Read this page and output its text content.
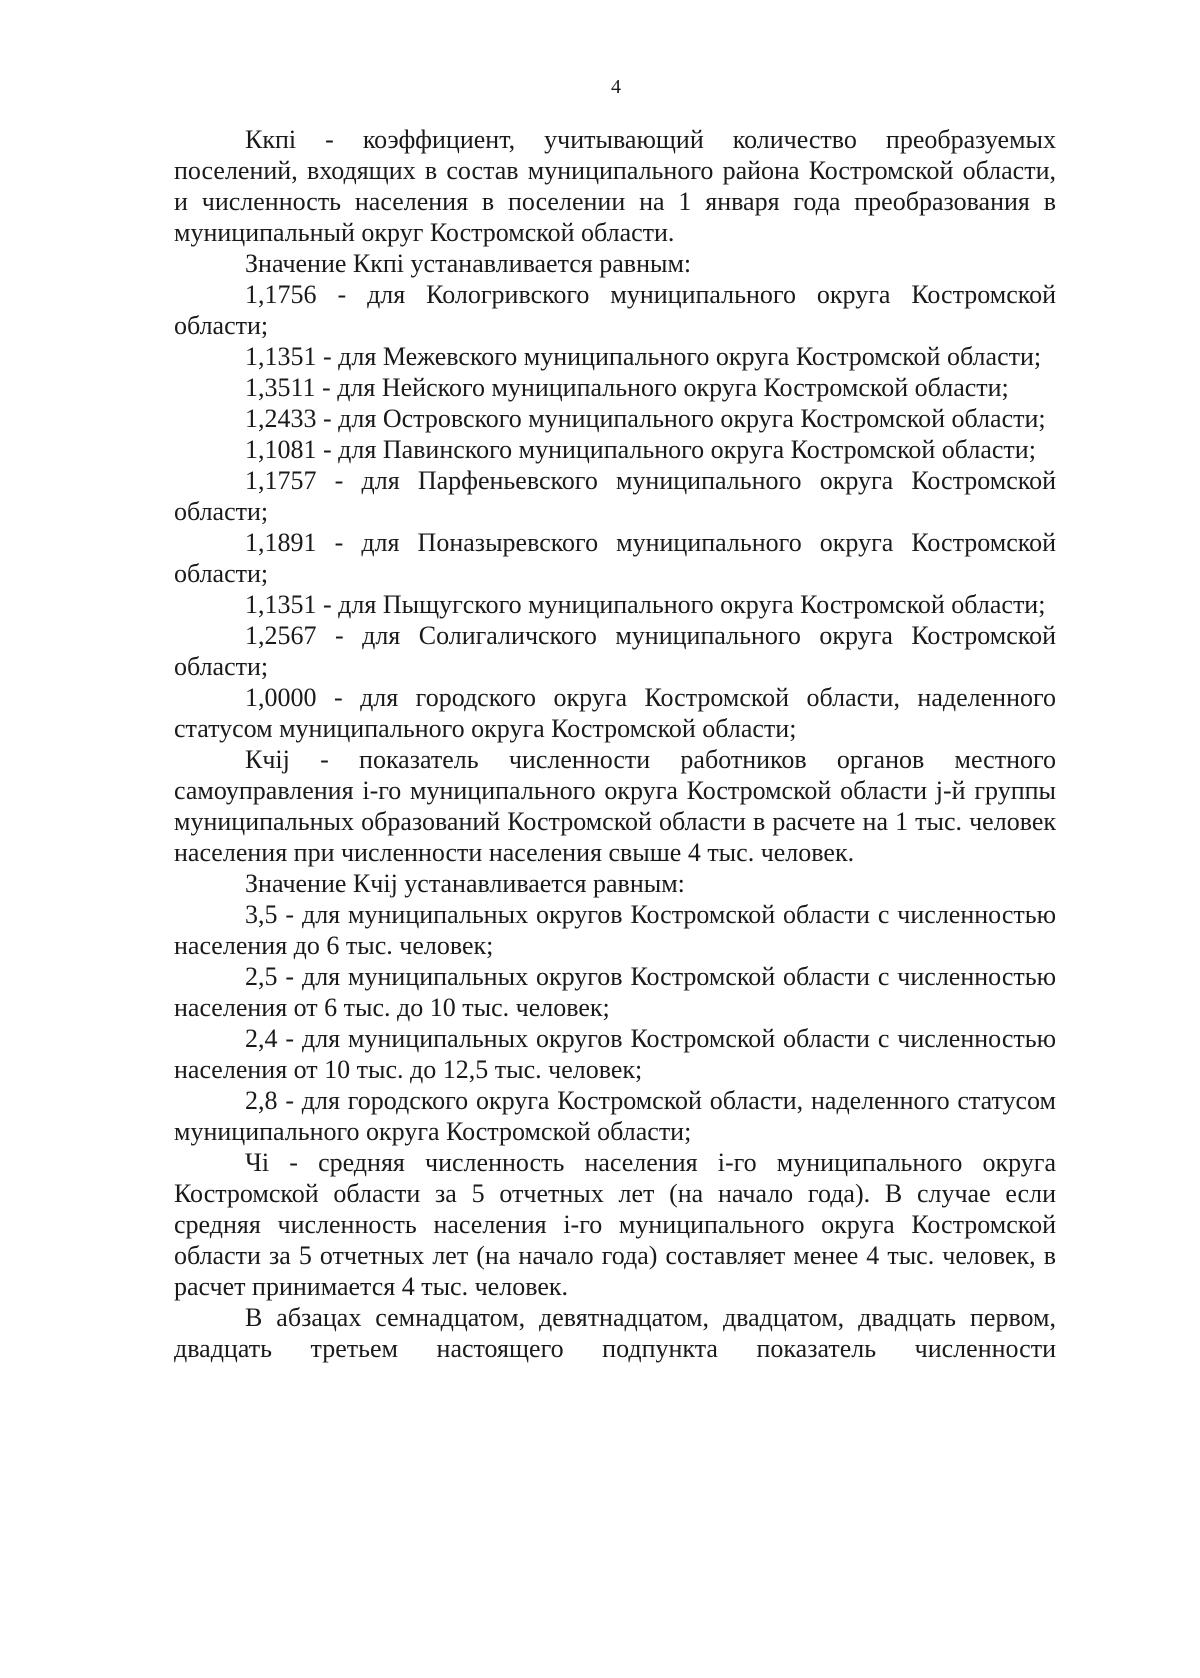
4

Ккпi - коэффициент, учитывающий количество преобразуемых поселений, входящих в состав муниципального района Костромской области, и численность населения в поселении на 1 января года преобразования в муниципальный округ Костромской области.

Значение Ккпi устанавливается равным:

1,1756 - для Кологривского муниципального округа Костромской области;

1,1351 - для Межевского муниципального округа Костромской области;

1,3511 - для Нейского муниципального округа Костромской области;

1,2433 - для Островского муниципального округа Костромской области;

1,1081 - для Павинского муниципального округа Костромской области;

1,1757 - для Парфеньевского муниципального округа Костромской области;

1,1891 - для Поназыревского муниципального округа Костромской области;

1,1351 - для Пыщугского муниципального округа Костромской области;

1,2567 - для Солигаличского муниципального округа Костромской области;

1,0000 - для городского округа Костромской области, наделенного статусом муниципального округа Костромской области;

Кчij - показатель численности работников органов местного самоуправления i-го муниципального округа Костромской области j-й группы муниципальных образований Костромской области в расчете на 1 тыс. человек населения при численности населения свыше 4 тыс. человек.

Значение Кчij устанавливается равным:

3,5 - для муниципальных округов Костромской области с численностью населения до 6 тыс. человек;

2,5 - для муниципальных округов Костромской области с численностью населения от 6 тыс. до 10 тыс. человек;

2,4 - для муниципальных округов Костромской области с численностью населения от 10 тыс. до 12,5 тыс. человек;

2,8 - для городского округа Костромской области, наделенного статусом муниципального округа Костромской области;

Чi - средняя численность населения i-го муниципального округа Костромской области за 5 отчетных лет (на начало года). В случае если средняя численность населения i-го муниципального округа Костромской области за 5 отчетных лет (на начало года) составляет менее 4 тыс. человек, в расчет принимается 4 тыс. человек.

В абзацах семнадцатом, девятнадцатом, двадцатом, двадцать первом, двадцать третьем настоящего подпункта показатель численности
